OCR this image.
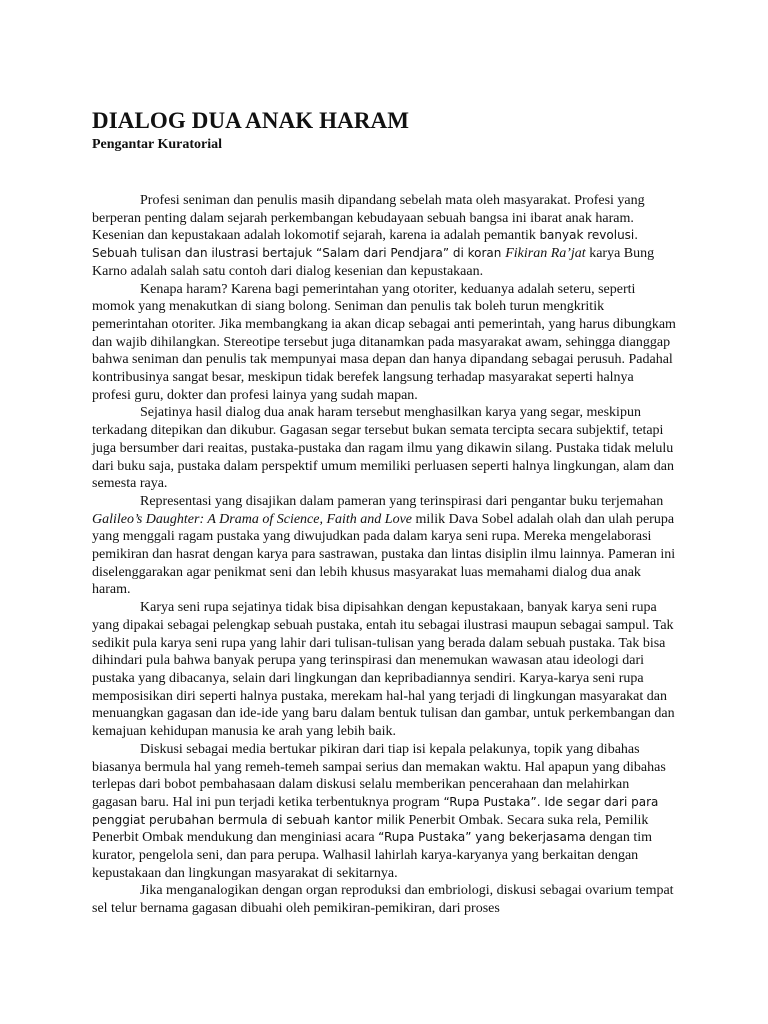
DIALOG DUA ANAK HARAM
Pengantar Kuratorial

Profesi seniman dan penulis masih dipandang sebelah mata oleh masyarakat. Profesi yang berperan penting dalam sejarah perkembangan kebudayaan sebuah bangsa ini ibarat anak haram. Kesenian dan kepustakaan adalah lokomotif sejarah, karena ia adalah pemantik banyak revolusi. Sebuah tulisan dan ilustrasi bertajuk “Salam dari Pendjara” di koran Fikiran Ra’jat karya Bung Karno adalah salah satu contoh dari dialog kesenian dan kepustakaan.

Kenapa haram? Karena bagi pemerintahan yang otoriter, keduanya adalah seteru, seperti momok yang menakutkan di siang bolong. Seniman dan penulis tak boleh turun mengkritik pemerintahan otoriter. Jika membangkang ia akan dicap sebagai anti pemerintah, yang harus dibungkam dan wajib dihilangkan. Stereotipe tersebut juga ditanamkan pada masyarakat awam, sehingga dianggap bahwa seniman dan penulis tak mempunyai masa depan dan hanya dipandang sebagai perusuh. Padahal kontribusinya sangat besar, meskipun tidak berefek langsung terhadap masyarakat seperti halnya profesi guru, dokter dan profesi lainya yang sudah mapan.

Sejatinya hasil dialog dua anak haram tersebut menghasilkan karya yang segar, meskipun terkadang ditepikan dan dikubur. Gagasan segar tersebut bukan semata tercipta secara subjektif, tetapi juga bersumber dari reaitas, pustaka-pustaka dan ragam ilmu yang dikawin silang. Pustaka tidak melulu dari buku saja, pustaka dalam perspektif umum memiliki perluasen seperti halnya lingkungan, alam dan semesta raya.

Representasi yang disajikan dalam pameran yang terinspirasi dari pengantar buku terjemahan Galileo’s Daughter: A Drama of Science, Faith and Love milik Dava Sobel adalah olah dan ulah perupa yang menggali ragam pustaka yang diwujudkan pada dalam karya seni rupa. Mereka mengelaborasi pemikiran dan hasrat dengan karya para sastrawan, pustaka dan lintas disiplin ilmu lainnya. Pameran ini diselenggarakan agar penikmat seni dan lebih khusus masyarakat luas memahami dialog dua anak haram.

Karya seni rupa sejatinya tidak bisa dipisahkan dengan kepustakaan, banyak karya seni rupa yang dipakai sebagai pelengkap sebuah pustaka, entah itu sebagai ilustrasi maupun sebagai sampul. Tak sedikit pula karya seni rupa yang lahir dari tulisan-tulisan yang berada dalam sebuah pustaka. Tak bisa dihindari pula bahwa banyak perupa yang terinspirasi dan menemukan wawasan atau ideologi dari pustaka yang dibacanya, selain dari lingkungan dan kepribadiannya sendiri. Karya-karya seni rupa memposisikan diri seperti halnya pustaka, merekam hal-hal yang terjadi di lingkungan masyarakat dan menuangkan gagasan dan ide-ide yang baru dalam bentuk tulisan dan gambar, untuk perkembangan dan kemajuan kehidupan manusia ke arah yang lebih baik.

Diskusi sebagai media bertukar pikiran dari tiap isi kepala pelakunya, topik yang dibahas biasanya bermula hal yang remeh-temeh sampai serius dan memakan waktu. Hal apapun yang dibahas terlepas dari bobot pembahasaan dalam diskusi selalu memberikan pencerahaan dan melahirkan gagasan baru. Hal ini pun terjadi ketika terbentuknya program “Rupa Pustaka”. Ide segar dari para penggiat perubahan bermula di sebuah kantor milik Penerbit Ombak. Secara suka rela, Pemilik Penerbit Ombak mendukung dan menginiasi acara “Rupa Pustaka” yang bekerjasama dengan tim kurator, pengelola seni, dan para perupa. Walhasil lahirlah karya-karyanya yang berkaitan dengan kepustakaan dan lingkungan masyarakat di sekitarnya.

Jika menganalogikan dengan organ reproduksi dan embriologi, diskusi sebagai ovarium tempat sel telur bernama gagasan dibuahi oleh pemikiran-pemikiran, dari proses
